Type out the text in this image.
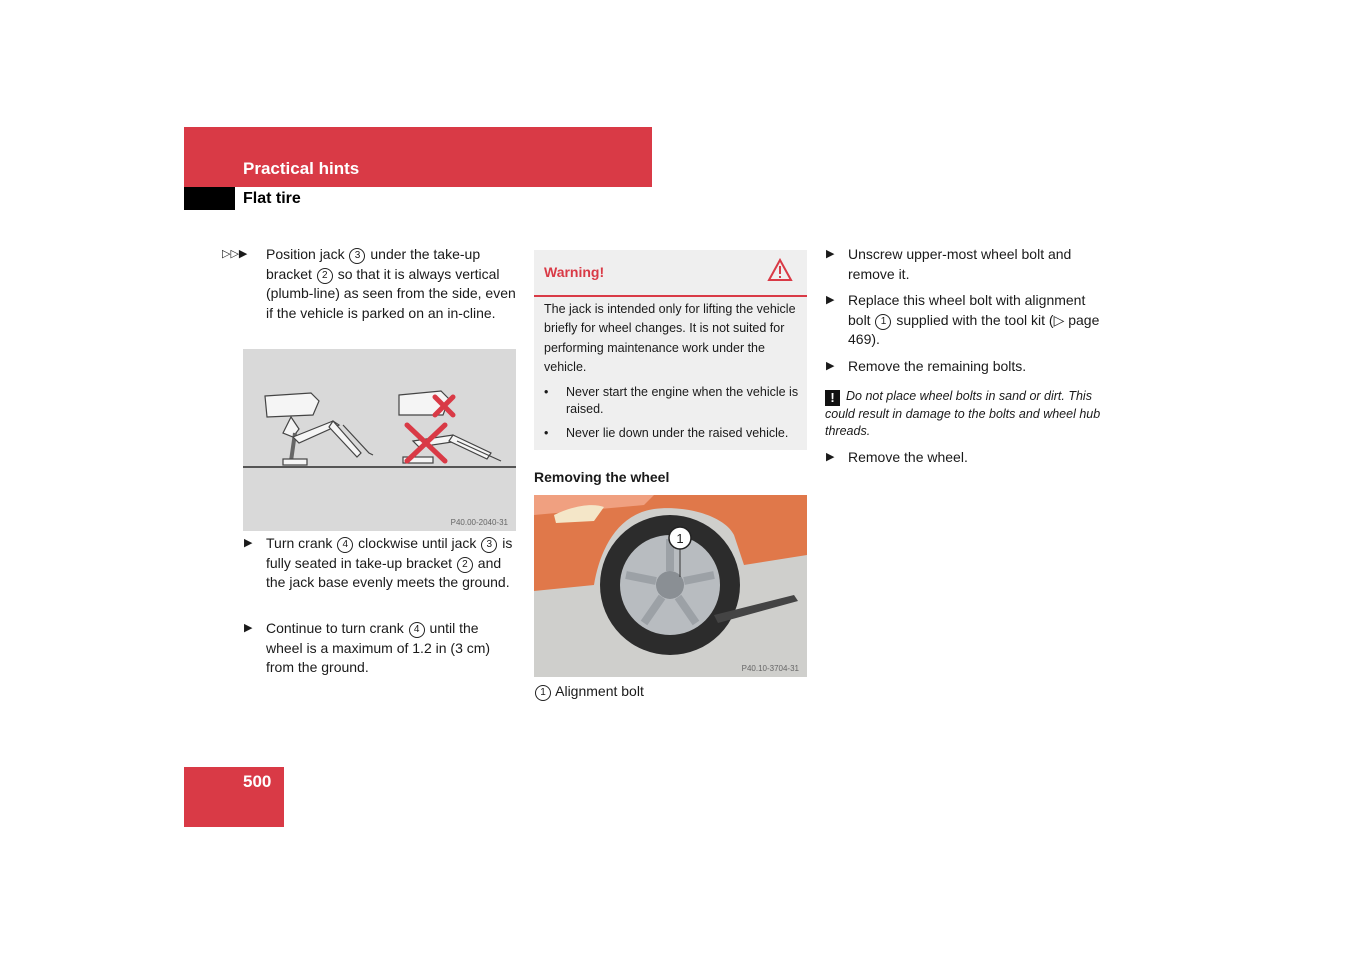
Practical hints
Flat tire
▷▷▶	Position jack 3 under the take-up bracket 2 so that it is always vertical (plumb-line) as seen from the side, even if the vehicle is parked on an in-cline.
P40.00-2040-31
▶ Turn crank 4 clockwise until jack 3 is fully seated in take-up bracket 2 and the jack base evenly meets the ground.
▶ Continue to turn crank 4 until the wheel is a maximum of 1.2 in (3 cm) from the ground.
Warning!
The jack is intended only for lifting the vehicle briefly for wheel changes. It is not suited for performing maintenance work under the vehicle.
•	Never start the engine when the vehicle is raised.
•	Never lie down under the raised vehicle.
Removing the wheel
1
P40.10-3704-31
1 Alignment bolt
▶ Unscrew upper-most wheel bolt and remove it.
▶ Replace this wheel bolt with alignment bolt 1 supplied with the tool kit (▷ page 469).
▶ Remove the remaining bolts.
! Do not place wheel bolts in sand or dirt. This could result in damage to the bolts and wheel hub threads.
▶ Remove the wheel.
500
